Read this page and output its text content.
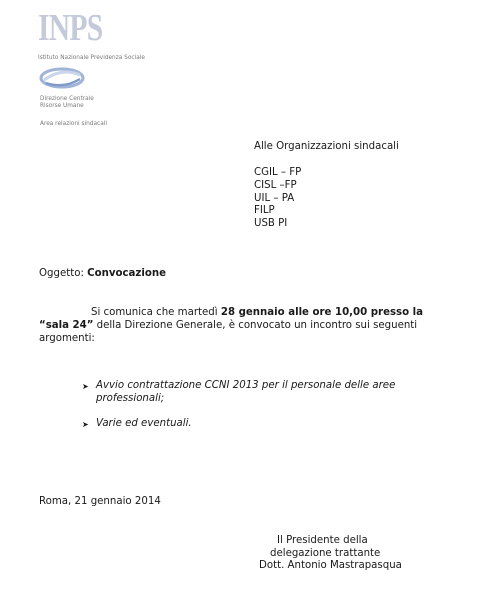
INPS
Istituto Nazionale Previdenza Sociale
Direzione Centrale
Risorse Umane
Area relazioni sindacali
Alle Organizzazioni sindacali
CGIL – FP
CISL –FP
UIL – PA
FILP
USB PI
Oggetto: Convocazione
Si comunica che martedì 28 gennaio alle ore 10,00 presso la
“sala 24” della Direzione Generale, è convocato un incontro sui seguenti
argomenti:
➤ Avvio contrattazione CCNI 2013 per il personale delle aree
professionali;
➤ Varie ed eventuali.
Roma, 21 gennaio 2014
Il Presidente della
delegazione trattante
Dott. Antonio Mastrapasqua
